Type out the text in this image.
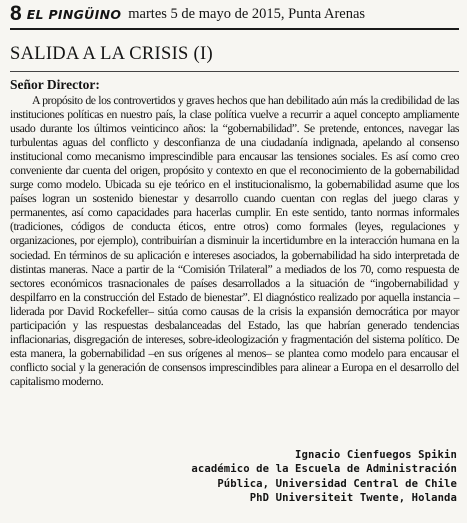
8 EL PINGÜINO martes 5 de mayo de 2015, Punta Arenas
SALIDA A LA CRISIS (I)

Señor Director:

A propósito de los controvertidos y graves hechos que han debilitado aún más la credibilidad de las instituciones políticas en nuestro país, la clase política vuelve a recurrir a aquel concepto ampliamente usado durante los últimos veinticinco años: la “gobernabilidad”. Se pretende, entonces, navegar las turbulentas aguas del conflicto y desconfianza de una ciudadanía indignada, apelando al consenso institucional como mecanismo imprescindible para encausar las tensiones sociales. Es así como creo conveniente dar cuenta del origen, propósito y contexto en que el reconocimiento de la gobernabilidad surge como modelo. Ubicada su eje teórico en el institucionalismo, la gobernabilidad asume que los países logran un sostenido bienestar y desarrollo cuando cuentan con reglas del juego claras y permanentes, así como capacidades para hacerlas cumplir. En este sentido, tanto normas informales (tradiciones, códigos de conducta éticos, entre otros) como formales (leyes, regulaciones y organizaciones, por ejemplo), contribuirían a disminuir la incertidumbre en la interacción humana en la sociedad. En términos de su aplicación e intereses asociados, la gobernabilidad ha sido interpretada de distintas maneras. Nace a partir de la “Comisión Trilateral” a mediados de los 70, como respuesta de sectores económicos trasnacionales de países desarrollados a la situación de “ingobernabilidad y despilfarro en la construcción del Estado de bienestar”. El diagnóstico realizado por aquella instancia –liderada por David Rockefeller– sitúa como causas de la crisis la expansión democrática por mayor participación y las respuestas desbalanceadas del Estado, las que habrían generado tendencias inflacionarias, disgregación de intereses, sobre-ideologización y fragmentación del sistema político. De esta manera, la gobernabilidad –en sus orígenes al menos– se plantea como modelo para encausar el conflicto social y la generación de consensos imprescindibles para alinear a Europa en el desarrollo del capitalismo moderno.

Ignacio Cienfuegos Spikin
académico de la Escuela de Administración
Pública, Universidad Central de Chile
PhD Universiteit Twente, Holanda
